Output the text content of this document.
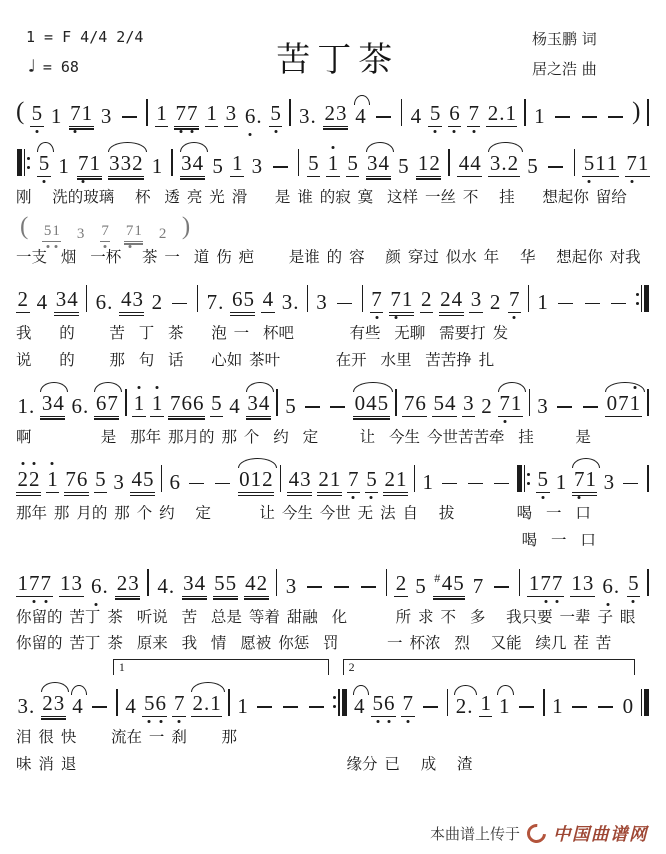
1 = F 4/4 2/4
♩ = 68	苦丁茶
杨玉鹏 词
居之浩 曲
( 5 1 71 3 1 77 1 3 6. 5 3. 23 4 4 5 6 7 2.1 1	)
5 1 71 332 1 34 5 1 3 5 1 5 34 5 12 44 3.2 5 511 71
刚   洗的玻璃   杯  透 亮 光 滑    是 谁 的寂 寞  这样 一丝 不   挂    想起你 留给
( 51 3 7 71 2 )
一支  烟  一杯   茶 一  道 伤 疤     是谁 的 容   颜 穿过 似水 年   华   想起你 对我
2 4 34 6. 43 2 7. 65 4 3. 3 7 71 2 24 3 2 7 1
我    的     苦  丁  茶    泡 一  杯吧        有些  无聊  需要打 发
说    的     那  句  话    心如 茶叶        在开  水里  苦苦挣 扎
1. 34 6. 67 1 1 766 5 4 34 5	045 76 54 3 2 71 3	071
啊          是  那年 那月的 那 个  约  定      让  今生 今世苦苦牵  挂      是
22 1 76 5 3 45 6	012 43 21 7 5 21 1	5 1 71 3
那年 那 月的 那 个 约   定       让 今生 今世 无 法 自   拔         喝  一  口
喝  一  口
177 13 6. 23 4. 34 55 42 3	2 5 #45 7 177 13 6. 5
你留的 苦丁 茶  听说  苦  总是 等着 甜融  化       所 求 不  多   我只要 一辈 子 眼
你留的 苦丁 茶  原来  我  情  愿被 你惩  罚       一 杯浓  烈   又能  续几 茬 苦
1	2
3. 23 4 4 56 7 2.1 1	4 56 7 2. 1 1 1	0
泪 很 快     流在 一 刹     那
味 消 退                                       缘分 已   成   渣
本曲谱上传于 中国曲谱网
